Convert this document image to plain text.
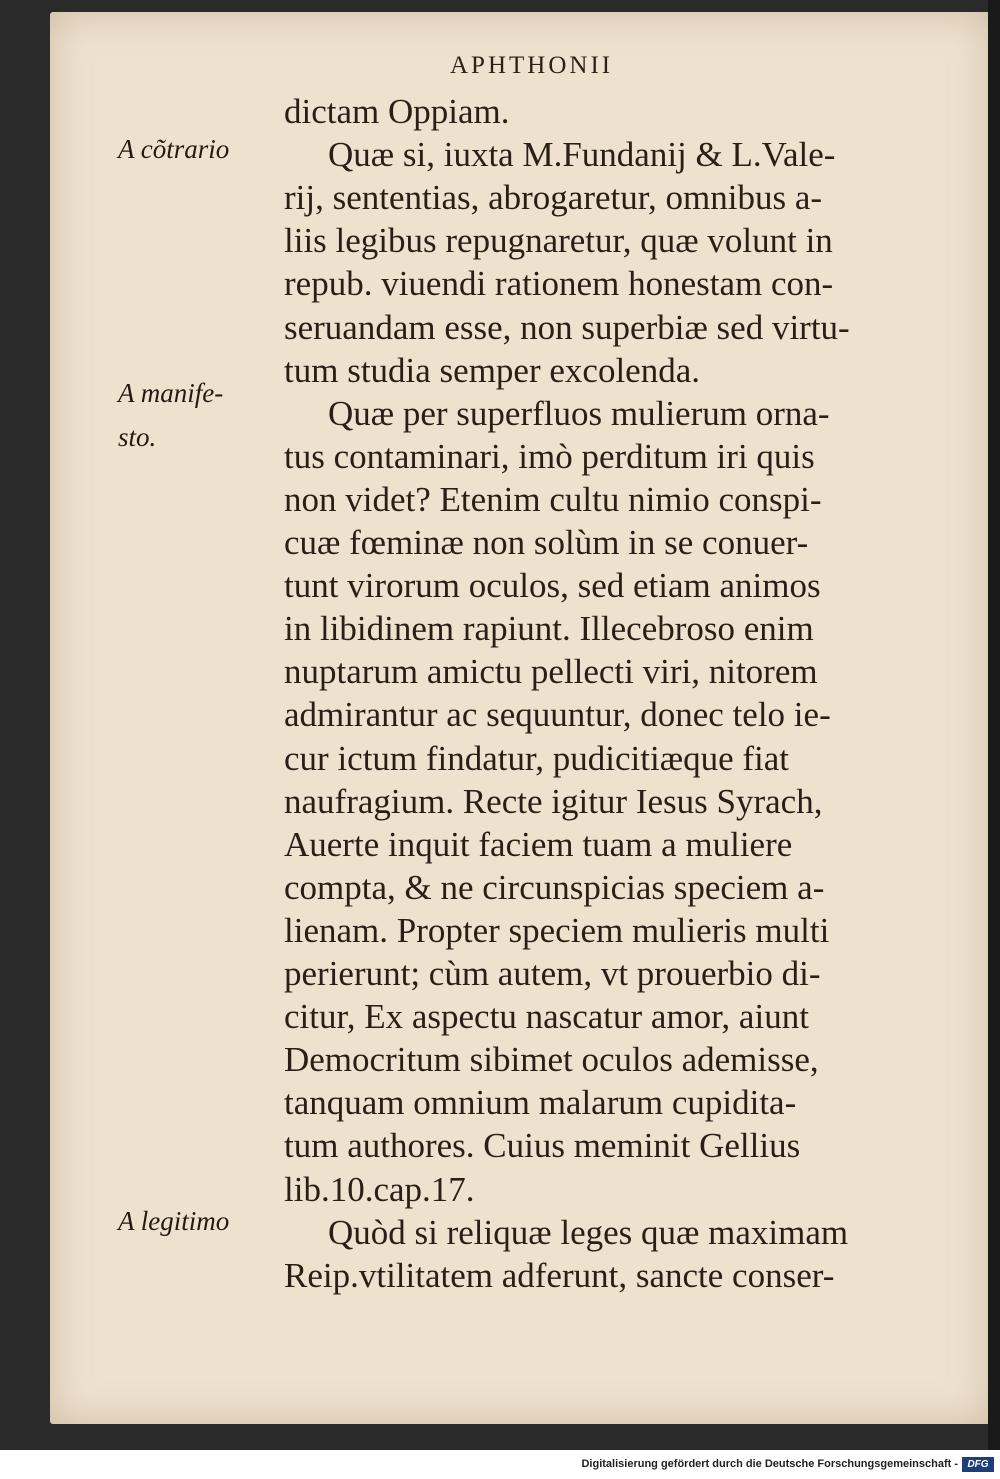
APHTHONII
A cõtrario
A manife-
sto.
A legitimo
dictam Oppiam.
Quæ si, iuxta M.Fundanij & L.Vale-
rij, sententias, abrogaretur, omnibus a-
liis legibus repugnaretur, quæ volunt in
repub. viuendi rationem honestam con-
seruandam esse, non superbiæ sed virtu-
tum studia semper excolenda.
Quæ per superfluos mulierum orna-
tus contaminari, imò perditum iri quis
non videt? Etenim cultu nimio conspi-
cuæ fœminæ non solùm in se conuer-
tunt virorum oculos, sed etiam animos
in libidinem rapiunt. Illecebroso enim
nuptarum amictu pellecti viri, nitorem
admirantur ac sequuntur, donec telo ie-
cur ictum findatur, pudicitiæque fiat
naufragium. Recte igitur Iesus Syrach,
Auerte inquit faciem tuam a muliere
compta, & ne circunspicias speciem a-
lienam. Propter speciem mulieris multi
perierunt; cùm autem, vt prouerbio di-
citur, Ex aspectu nascatur amor, aiunt
Democritum sibimet oculos ademisse,
tanquam omnium malarum cupidita-
tum authores. Cuius meminit Gellius
lib.10.cap.17.
Quòd si reliquæ leges quæ maximam
Reip.vtilitatem adferunt, sancte conser-
Digitalisierung gefördert durch die Deutsche Forschungsgemeinschaft - DFG
